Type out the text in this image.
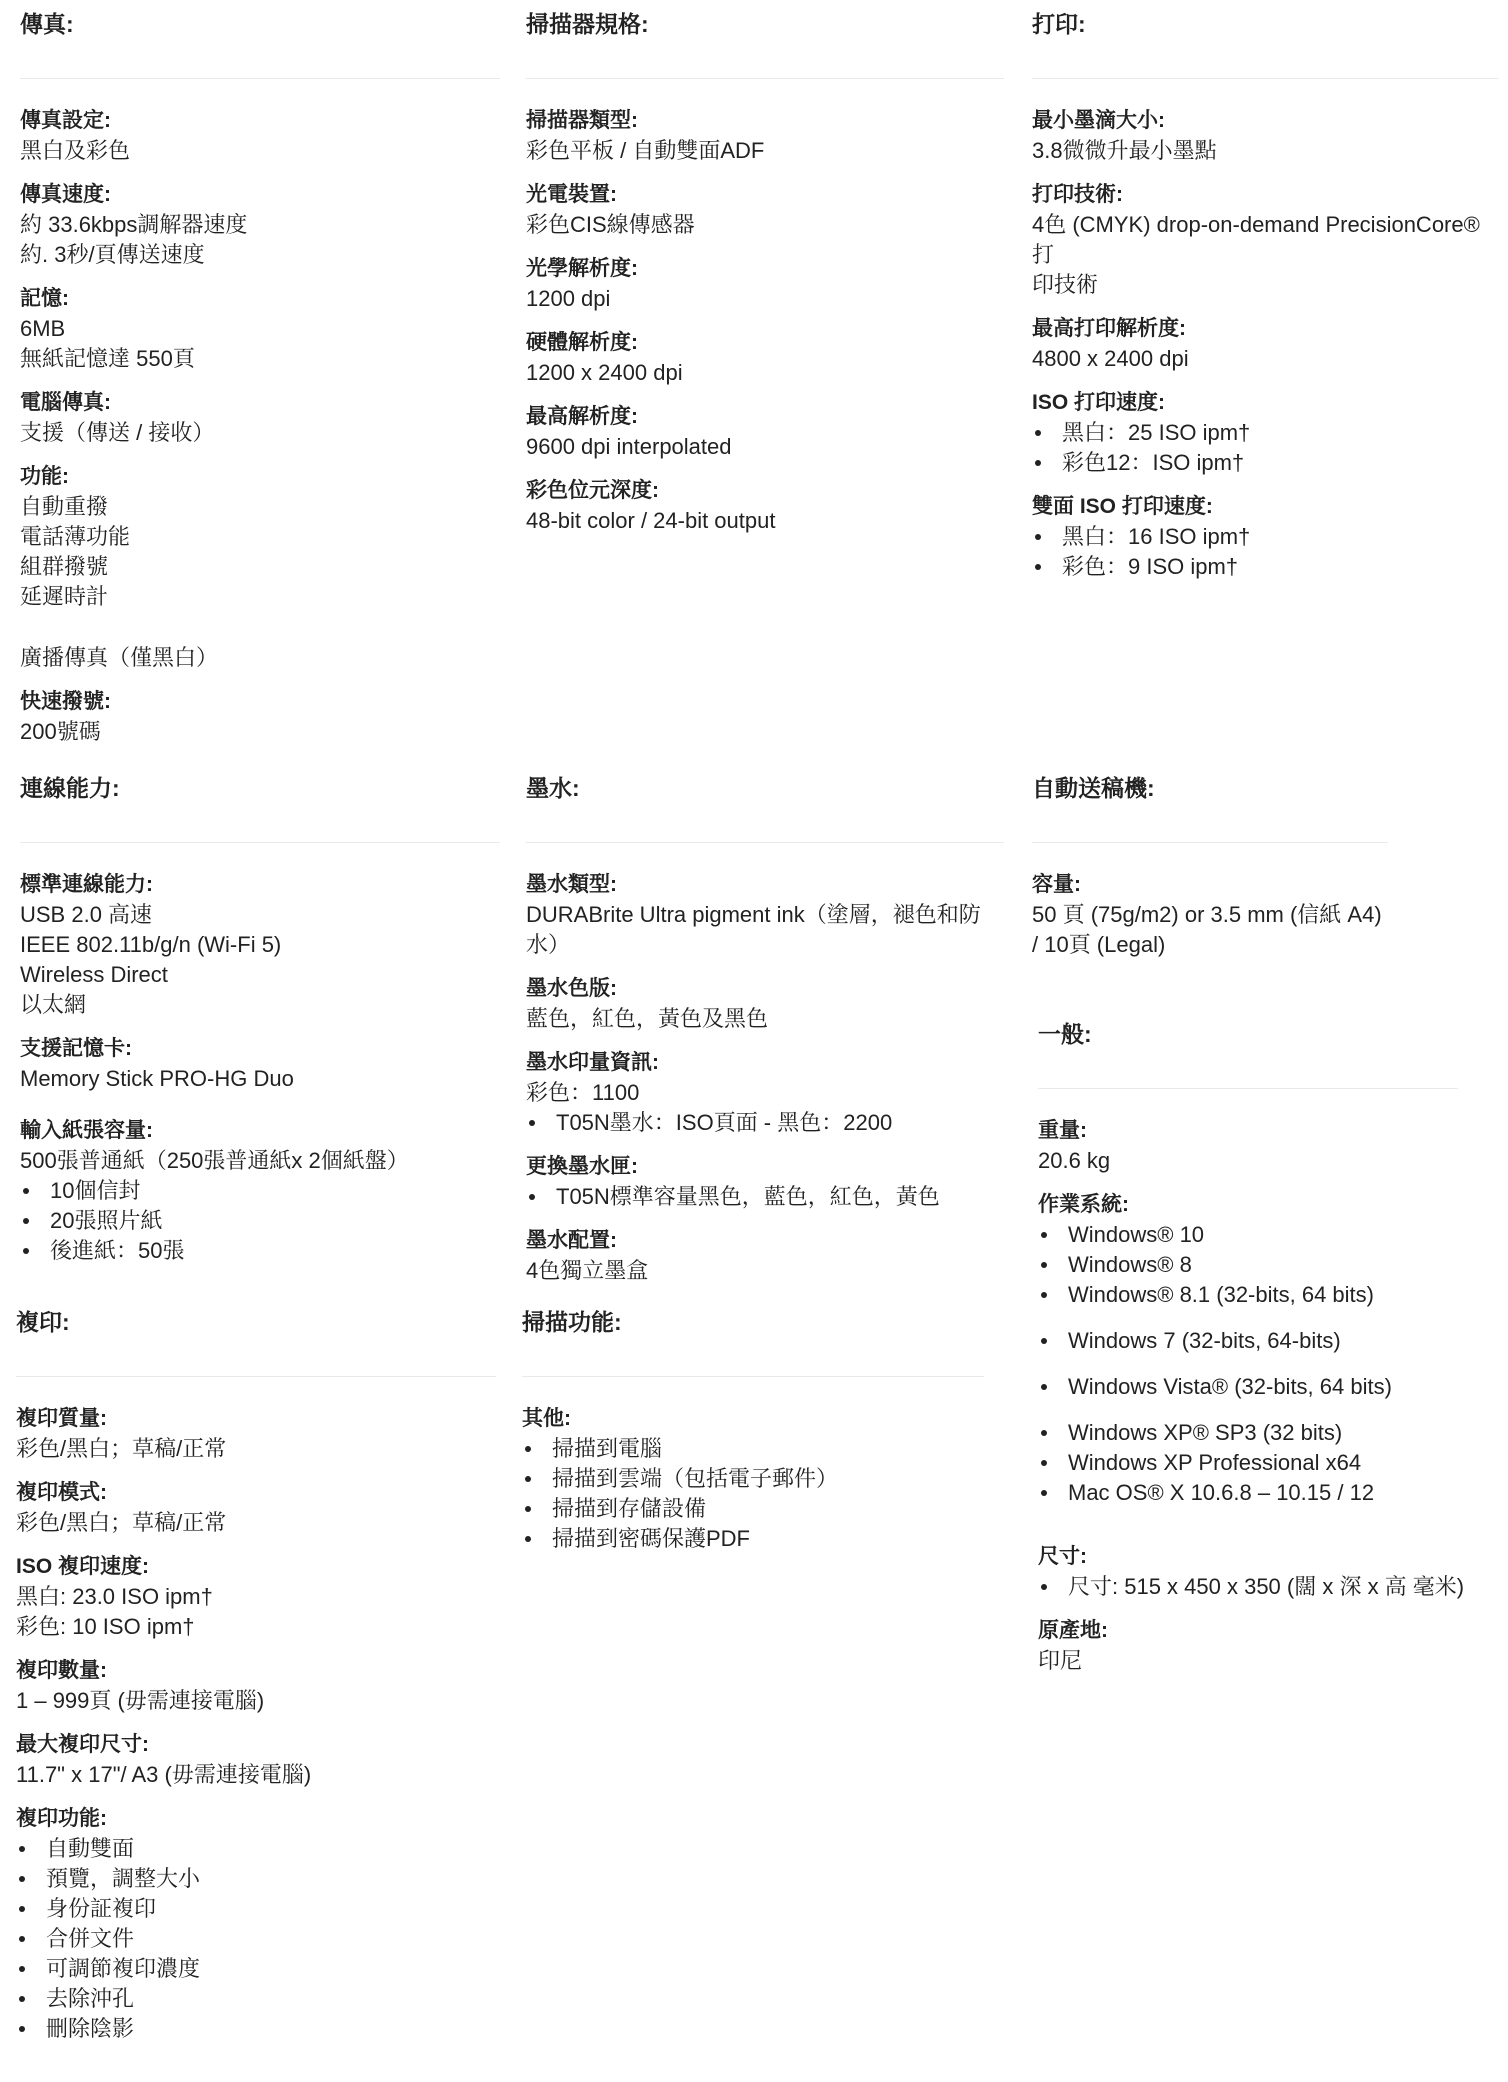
傳真:
傳真設定:
黑白及彩色
傳真速度:
約 33.6kbps調解器速度
約. 3秒/頁傳送速度
記憶:
6MB
無紙記憶達 550頁
電腦傳真:
支援（傳送 / 接收）
功能:
自動重撥
電話薄功能
組群撥號
延遲時計
廣播傳真（僅黑白）
快速撥號:
200號碼
掃描器規格:
掃描器類型:
彩色平板 / 自動雙面ADF
光電裝置:
彩色CIS線傳感器
光學解析度:
1200 dpi
硬體解析度:
1200 x 2400 dpi
最高解析度:
9600 dpi interpolated
彩色位元深度:
48-bit color / 24-bit output
打印:
最小墨滴大小:
3.8微微升最小墨點
打印技術:
4色 (CMYK) drop-on-demand PrecisionCore® 打
印技術
最高打印解析度:
4800 x 2400 dpi
ISO 打印速度:
黑白：25 ISO ipm†
彩色12：ISO ipm†
雙面 ISO 打印速度:
黑白：16 ISO ipm†
彩色：9 ISO ipm†
連線能力:
標準連線能力:
USB 2.0 高速
IEEE 802.11b/g/n (Wi-Fi 5)
Wireless Direct
以太網
支援記憶卡:
Memory Stick PRO-HG Duo
輸入紙張容量:
500張普通紙（250張普通紙x 2個紙盤）
10個信封
20張照片紙
後進紙：50張
墨水:
墨水類型:
DURABrite Ultra pigment ink（塗層，褪色和防
水）
墨水色版:
藍色，紅色，黃色及黑色
墨水印量資訊:
彩色：1100
T05N墨水：ISO頁面 - 黑色：2200
更換墨水匣:
T05N標準容量黑色，藍色，紅色，黃色
墨水配置:
4色獨立墨盒
自動送稿機:
容量:
50 頁 (75g/m2) or 3.5 mm (信紙 A4)
/ 10頁 (Legal)
一般:
重量:
20.6 kg
作業系統:
Windows® 10
Windows® 8
Windows® 8.1 (32-bits, 64 bits)
Windows 7 (32-bits, 64-bits)
Windows Vista® (32-bits, 64 bits)
Windows XP® SP3 (32 bits)
Windows XP Professional x64
Mac OS® X 10.6.8 – 10.15 / 12
尺寸:
尺寸: 515 x 450 x 350 (闊 x 深 x 高 毫米)
原產地:
印尼
複印:
複印質量:
彩色/黑白；草稿/正常
複印模式:
彩色/黑白；草稿/正常
ISO 複印速度:
黑白: 23.0 ISO ipm†
彩色: 10 ISO ipm†
複印數量:
1 – 999頁 (毋需連接電腦)
最大複印尺寸:
11.7" x 17"/ A3 (毋需連接電腦)
複印功能:
自動雙面
預覽，調整大小
身份証複印
合併文件
可調節複印濃度
去除沖孔
刪除陰影
掃描功能:
其他:
掃描到電腦
掃描到雲端（包括電子郵件）
掃描到存儲設備
掃描到密碼保護PDF
